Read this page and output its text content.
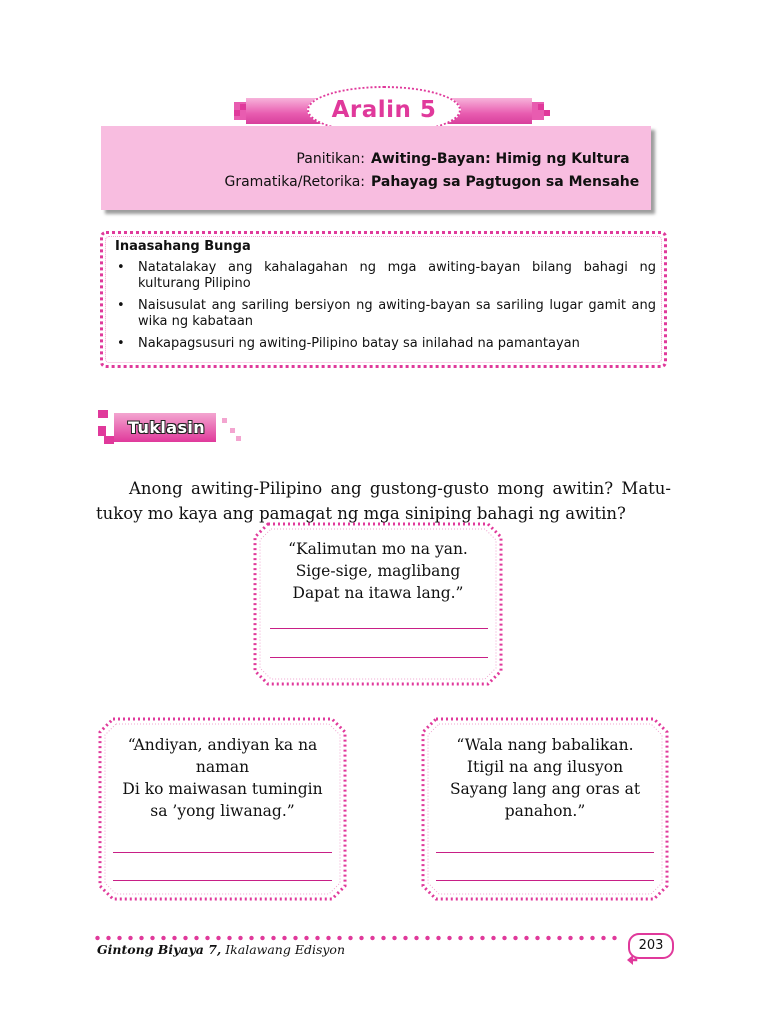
Aralin 5
Panitikan: Awiting-Bayan: Himig ng Kultura
Gramatika/Retorika: Pahayag sa Pagtugon sa Mensahe
Inaasahang Bunga
• Natatalakay ang kahalagahan ng mga awiting-bayan bilang bahagi ng kulturang Pilipino
• Naisusulat ang sariling bersiyon ng awiting-bayan sa sariling lugar gamit ang wika ng kabataan
• Nakapagsusuri ng awiting-Pilipino batay sa inilahad na pamantayan
Tuklasin

Anong awiting-Pilipino ang gustong-gusto mong awitin? Matutukoy mo kaya ang pamagat ng mga siniping bahagi ng awitin?

“Kalimutan mo na yan.
Sige-sige, maglibang
Dapat na itawa lang.”
“Andiyan, andiyan ka na
naman
Di ko maiwasan tumingin
sa ’yong liwanag.”
“Wala nang babalikan.
Itigil na ang ilusyon
Sayang lang ang oras at
panahon.”
Gintong Biyaya 7, Ikalawang Edisyon	203
